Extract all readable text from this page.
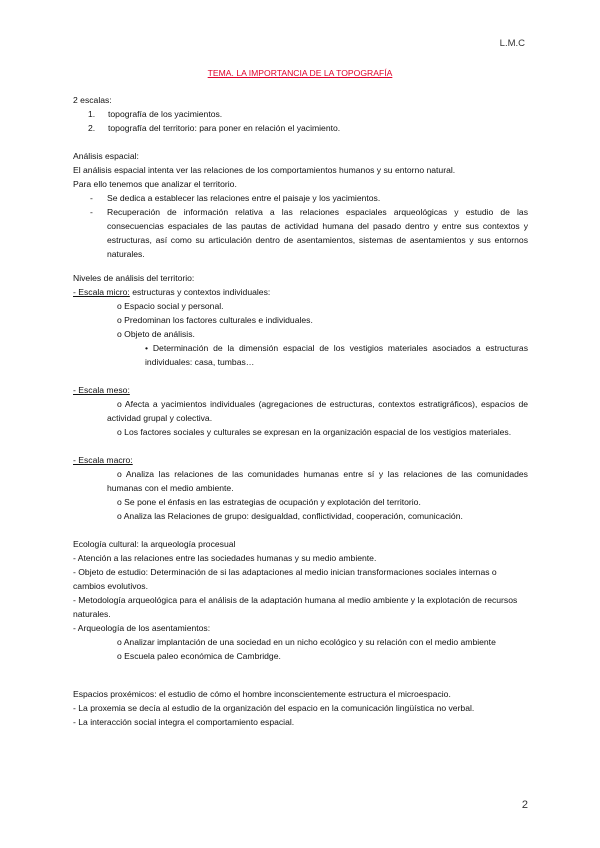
L.M.C
TEMA. LA IMPORTANCIA DE LA TOPOGRAFÍA

2 escalas:

1. topografía de los yacimientos.
2. topografía del territorio: para poner en relación el yacimiento.

Análisis espacial:

El análisis espacial intenta ver las relaciones de los comportamientos humanos y su entorno natural.

Para ello tenemos que analizar el territorio.

- Se dedica a establecer las relaciones entre el paisaje y los yacimientos.
- Recuperación de información relativa a las relaciones espaciales arqueológicas y estudio de las consecuencias espaciales de las pautas de actividad humana del pasado dentro y entre sus contextos y estructuras, así como su articulación dentro de asentamientos, sistemas de asentamientos y sus entornos naturales.

Niveles de análisis del territorio:

- Escala micro: estructuras y contextos individuales:

o Espacio social y personal.
o Predominan los factores culturales e individuales.
o Objeto de análisis.
• Determinación de la dimensión espacial de los vestigios materiales asociados a estructuras individuales: casa, tumbas…

- Escala meso:

o Afecta a yacimientos individuales (agregaciones de estructuras, contextos estratigráficos), espacios de actividad grupal y colectiva.
o Los factores sociales y culturales se expresan en la organización espacial de los vestigios materiales.

- Escala macro:

o Analiza las relaciones de las comunidades humanas entre sí y las relaciones de las comunidades humanas con el medio ambiente.
o Se pone el énfasis en las estrategias de ocupación y explotación del territorio.
o Analiza las Relaciones de grupo: desigualdad, conflictividad, cooperación, comunicación.

Ecología cultural: la arqueología procesual

- Atención a las relaciones entre las sociedades humanas y su medio ambiente.

- Objeto de estudio: Determinación de si las adaptaciones al medio inician transformaciones sociales internas o cambios evolutivos.

- Metodología arqueológica para el análisis de la adaptación humana al medio ambiente y la explotación de recursos naturales.

- Arqueología de los asentamientos:

o Analizar implantación de una sociedad en un nicho ecológico y su relación con el medio ambiente
o Escuela paleo económica de Cambridge.

Espacios proxémicos: el estudio de cómo el hombre inconscientemente estructura el microespacio.

- La proxemia se decía al estudio de la organización del espacio en la comunicación lingüística no verbal.

- La interacción social integra el comportamiento espacial.

2
